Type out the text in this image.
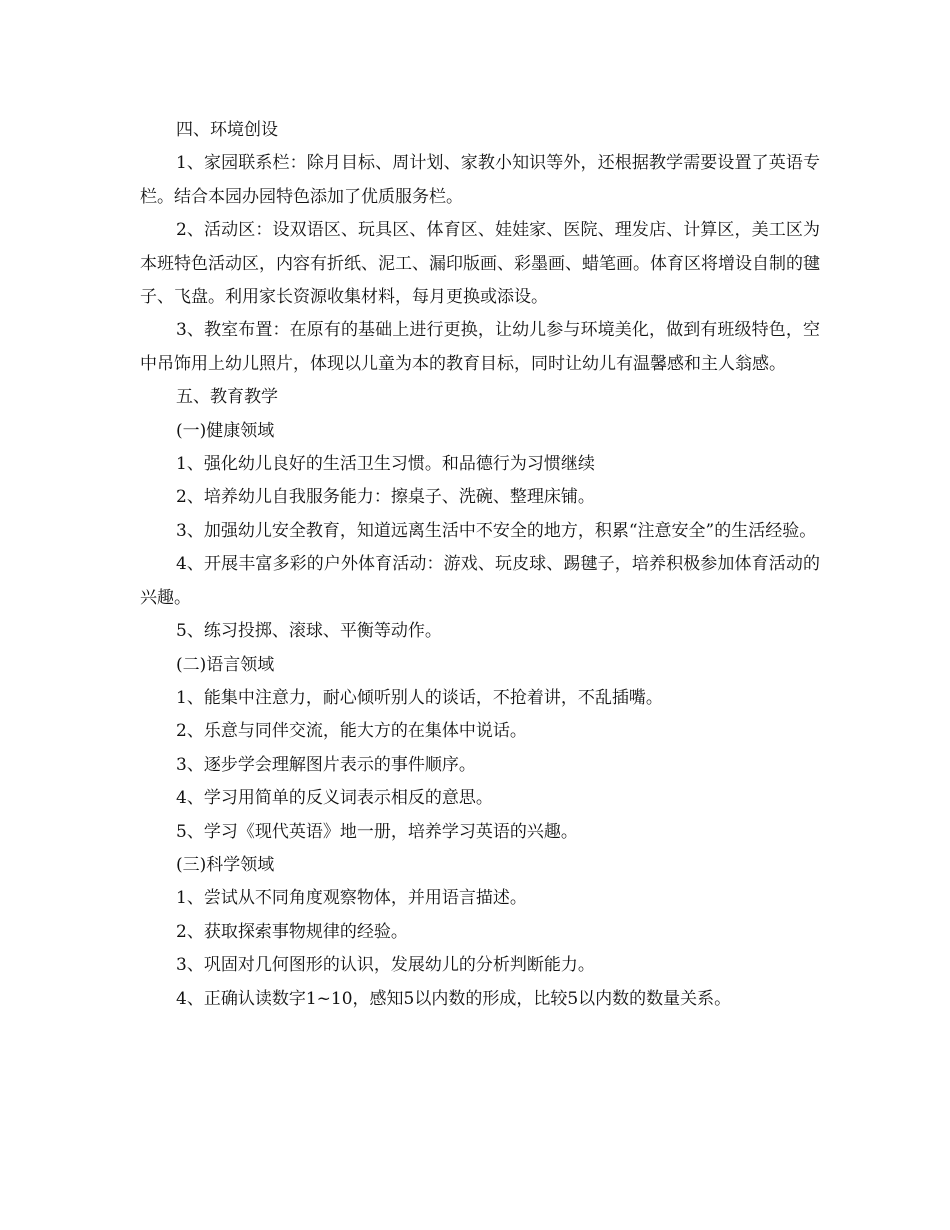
四、环境创设

1、家园联系栏：除月目标、周计划、家教小知识等外，还根据教学需要设置了英语专栏。结合本园办园特色添加了优质服务栏。

2、活动区：设双语区、玩具区、体育区、娃娃家、医院、理发店、计算区，美工区为本班特色活动区，内容有折纸、泥工、漏印版画、彩墨画、蜡笔画。体育区将增设自制的毽子、飞盘。利用家长资源收集材料，每月更换或添设。

3、教室布置：在原有的基础上进行更换，让幼儿参与环境美化，做到有班级特色，空中吊饰用上幼儿照片，体现以儿童为本的教育目标，同时让幼儿有温馨感和主人翁感。

五、教育教学

(一)健康领域

1、强化幼儿良好的生活卫生习惯。和品德行为习惯继续

2、培养幼儿自我服务能力：擦桌子、洗碗、整理床铺。

3、加强幼儿安全教育，知道远离生活中不安全的地方，积累“注意安全”的生活经验。

4、开展丰富多彩的户外体育活动：游戏、玩皮球、踢毽子，培养积极参加体育活动的兴趣。

5、练习投掷、滚球、平衡等动作。

(二)语言领域

1、能集中注意力，耐心倾听别人的谈话，不抢着讲，不乱插嘴。

2、乐意与同伴交流，能大方的在集体中说话。

3、逐步学会理解图片表示的事件顺序。

4、学习用简单的反义词表示相反的意思。

5、学习《现代英语》地一册，培养学习英语的兴趣。

(三)科学领域

1、尝试从不同角度观察物体，并用语言描述。

2、获取探索事物规律的经验。

3、巩固对几何图形的认识，发展幼儿的分析判断能力。

4、正确认读数字1~10，感知5以内数的形成，比较5以内数的数量关系。
